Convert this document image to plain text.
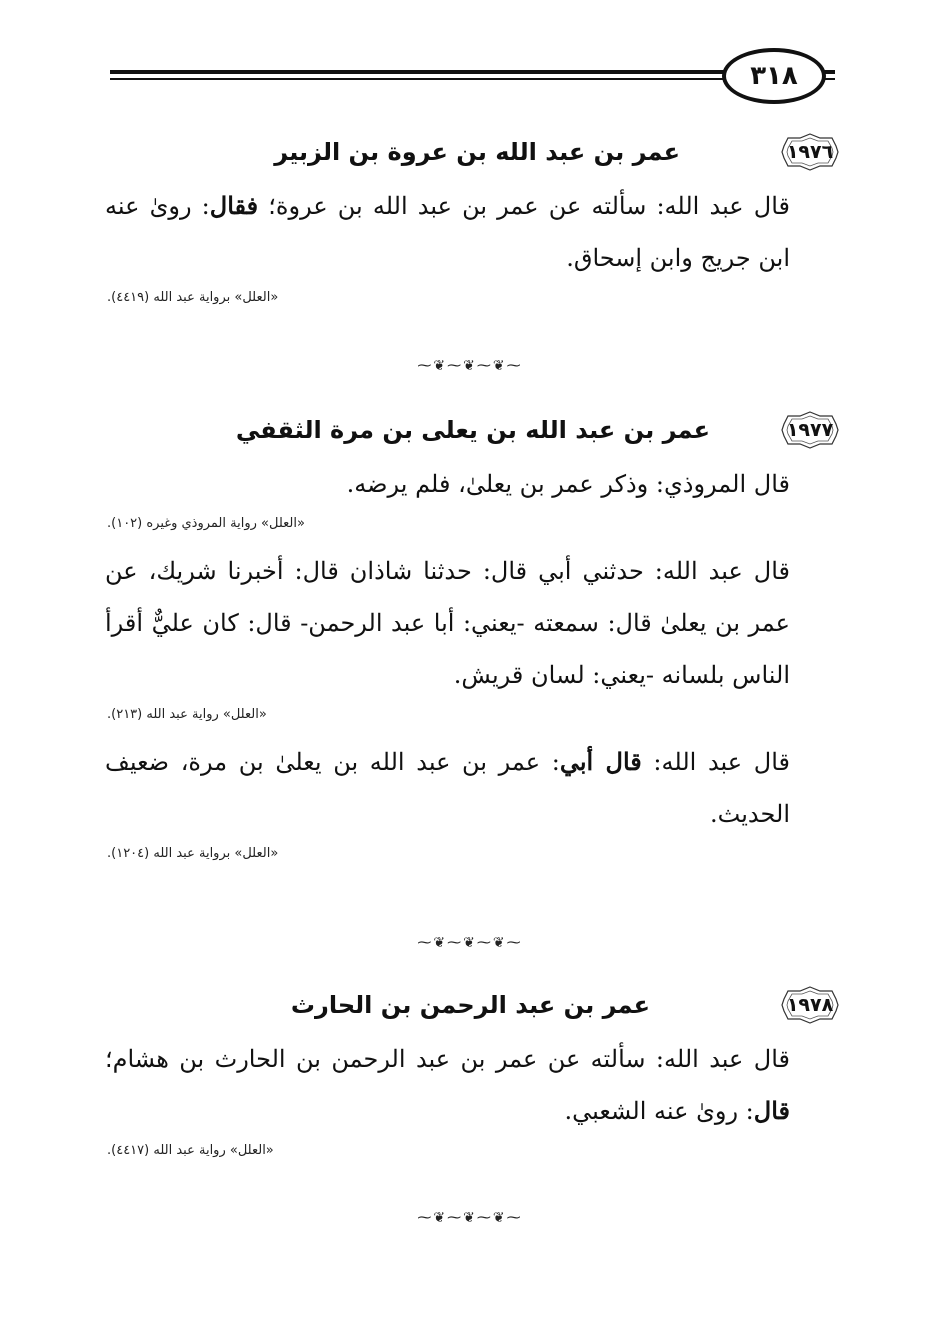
٣١٨
١٩٧٦
عمر بن عبد الله بن عروة بن الزبير

قال عبد الله: سألته عن عمر بن عبد الله بن عروة؛ فقال: رویٰ عنه ابن جريج وابن إسحاق.

«العلل» برواية عبد الله (٤٤١٩).
⁓❦⁓❦⁓❦⁓
١٩٧٧
عمر بن عبد الله بن يعلى بن مرة الثقفي

قال المروذي: وذكر عمر بن يعلىٰ، فلم يرضه.

«العلل» رواية المروذي وغيره (١٠٢).

قال عبد الله: حدثني أبي قال: حدثنا شاذان قال: أخبرنا شريك، عن عمر بن يعلىٰ قال: سمعته -يعني: أبا عبد الرحمن- قال: كان عليٌّ أقرأ الناس بلسانه -يعني: لسان قريش.

«العلل» رواية عبد الله (٢١٣).

قال عبد الله: قال أبي: عمر بن عبد الله بن يعلىٰ بن مرة، ضعيف الحديث.

«العلل» برواية عبد الله (١٢٠٤).
⁓❦⁓❦⁓❦⁓
١٩٧٨
عمر بن عبد الرحمن بن الحارث

قال عبد الله: سألته عن عمر بن عبد الرحمن بن الحارث بن هشام؛ قال: رویٰ عنه الشعبي.

«العلل» رواية عبد الله (٤٤١٧).
⁓❦⁓❦⁓❦⁓
